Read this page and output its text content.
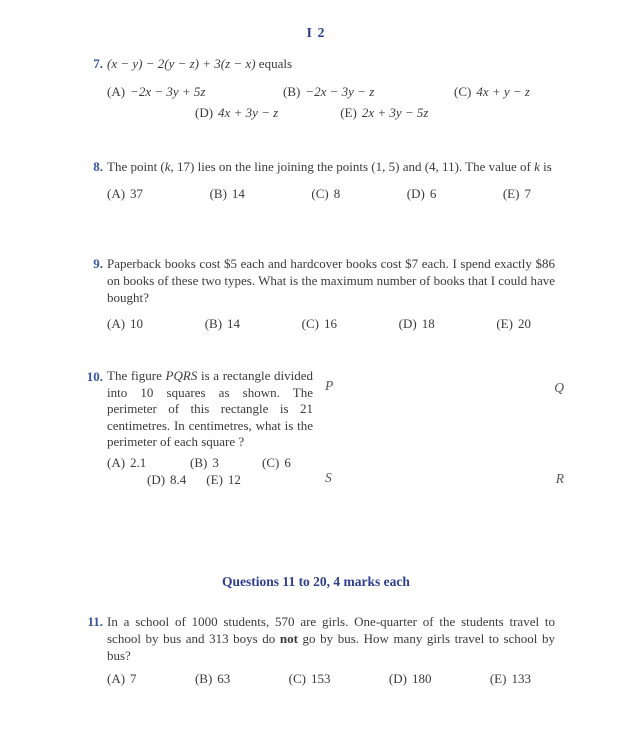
I 2
7. (x − y) − 2(y − z) + 3(z − x) equals
(A) −2x − 3y + 5z	(B) −2x − 3y − z	(C) 4x + y − z
(D) 4x + 3y − z	(E) 2x + 3y − 5z
8. The point (k, 17) lies on the line joining the points (1, 5) and (4, 11). The value of k is
(A) 37	(B) 14	(C) 8	(D) 6	(E) 7
9. Paperback books cost $5 each and hardcover books cost $7 each. I spend exactly $86 on books of these two types. What is the maximum number of books that I could have bought?
(A) 10	(B) 14	(C) 16	(D) 18	(E) 20
10. The figure PQRS is a rectangle divided into 10 squares as shown. The perimeter of this rectangle is 21 centimetres. In centimetres, what is the perimeter of each square ?
(A) 2.1	(B) 3	(C) 6
(D) 8.4 (E) 12
P	Q
S	R
Questions 11 to 20, 4 marks each
11. In a school of 1000 students, 570 are girls. One-quarter of the students travel to school by bus and 313 boys do not go by bus. How many girls travel to school by bus?
(A) 7	(B) 63	(C) 153	(D) 180	(E) 133
